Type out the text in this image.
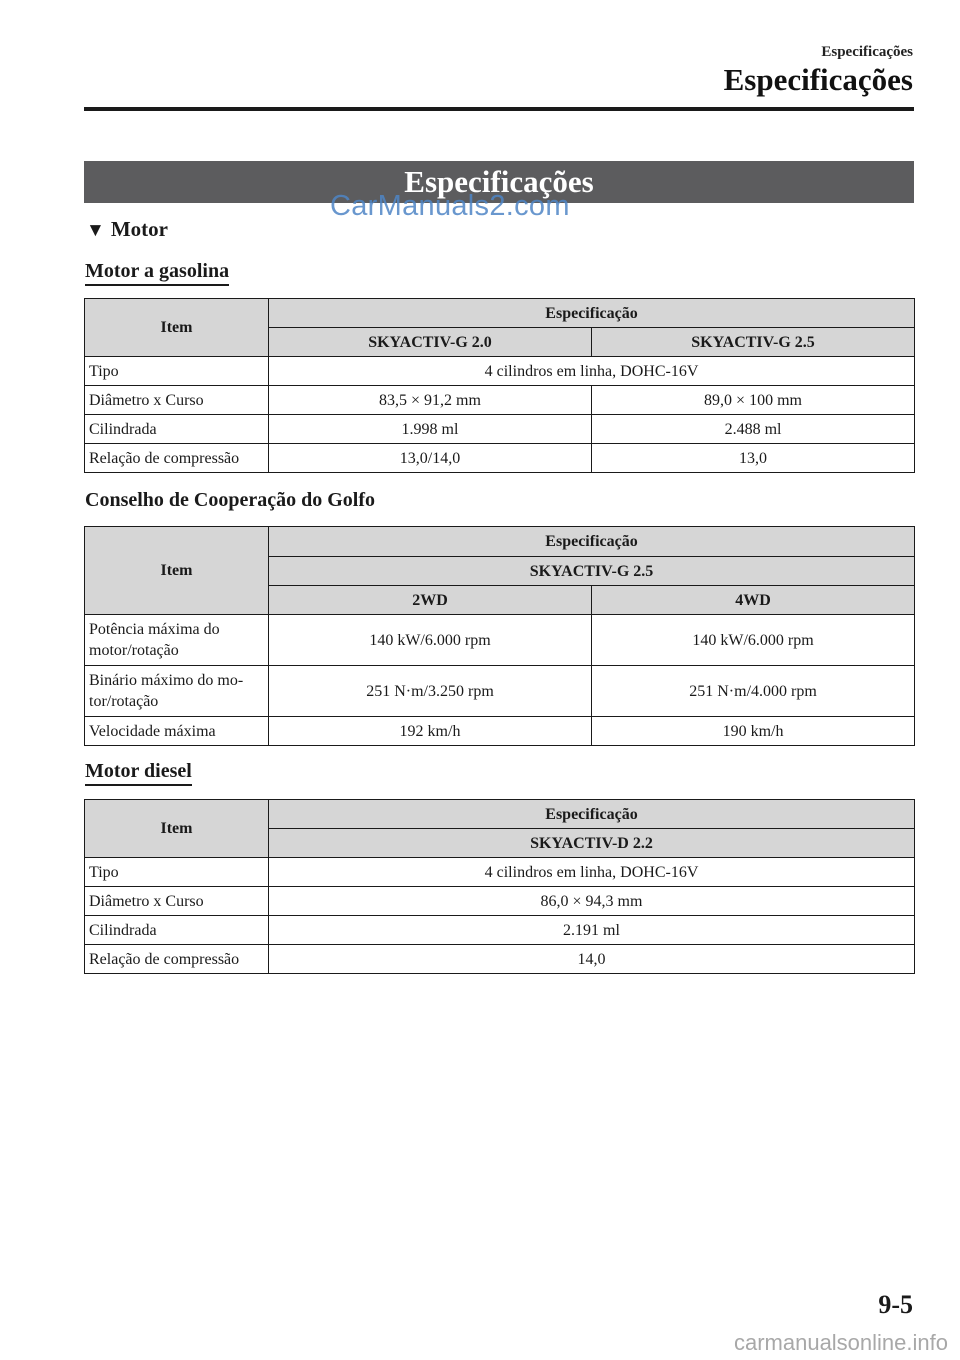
Especificações
Especificações
Especificações
CarManuals2.com
▼ Motor
Motor a gasolina
Item	Especificação	
	SKYACTIV-G 2.0	SKYACTIV-G 2.5
Tipo	4 cilindros em linha, DOHC-16V	
Diâmetro x Curso	83,5 × 91,2 mm	89,0 × 100 mm
Cilindrada	1.998 ml	2.488 ml
Relação de compressão	13,0/14,0	13,0
Conselho de Cooperação do Golfo
Item	Especificação	
	SKYACTIV-G 2.5	
	2WD	4WD
Potência máxima do
motor/rotação	140 kW/6.000 rpm	140 kW/6.000 rpm
Binário máximo do mo-
tor/rotação	251 N·m/3.250 rpm	251 N·m/4.000 rpm
Velocidade máxima	192 km/h	190 km/h
Motor diesel
Item	Especificação
	SKYACTIV-D 2.2
Tipo	4 cilindros em linha, DOHC-16V
Diâmetro x Curso	86,0 × 94,3 mm
Cilindrada	2.191 ml
Relação de compressão	14,0
9-5
carmanualsonline.info
